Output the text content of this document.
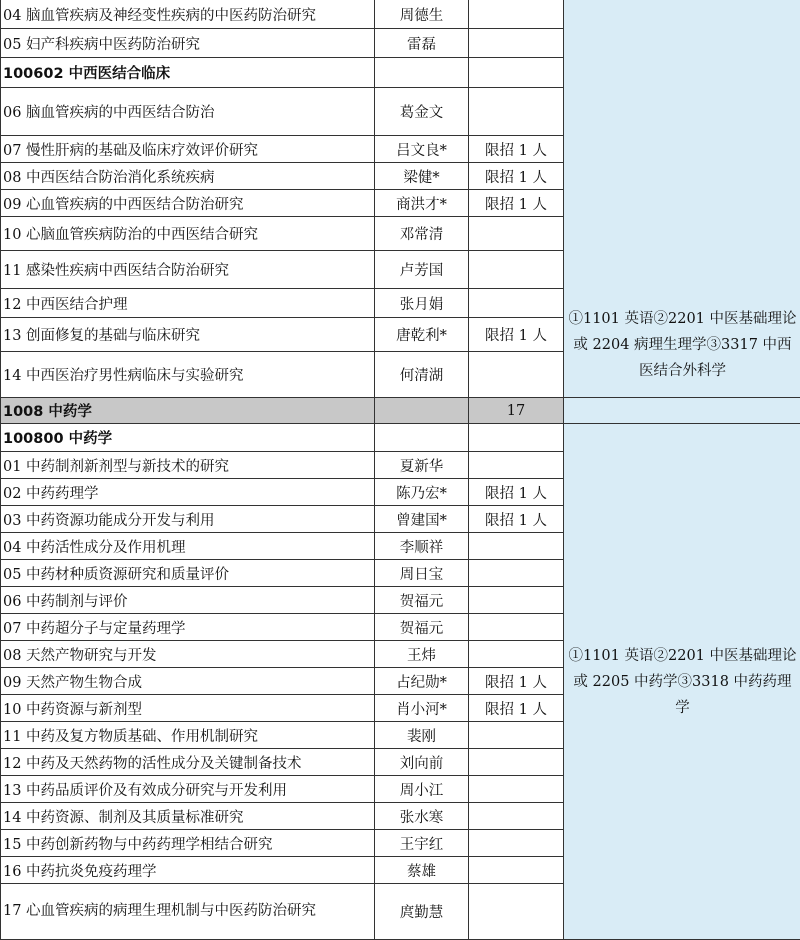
04 脑血管疾病及神经变性疾病的中医药防治研究	周德生		①1101 英语②2201 中医基础理论或 2204 病理生理学③3317 中西医结合外科学

05 妇产科疾病中医药防治研究	雷磊		
100602 中西医结合临床			
06 脑血管疾病的中西医结合防治	葛金文		
07 慢性肝病的基础及临床疗效评价研究	吕文良*	限招 1 人	
08 中西医结合防治消化系统疾病	梁健*	限招 1 人	
09 心血管疾病的中西医结合防治研究	商洪才*	限招 1 人	
10 心脑血管疾病防治的中西医结合研究	邓常清		
11 感染性疾病中西医结合防治研究	卢芳国		
12 中西医结合护理	张月娟		
13 创面修复的基础与临床研究	唐乾利*	限招 1 人	
14 中西医治疗男性病临床与实验研究	何清湖		
1008 中药学		17	
100800 中药学			①1101 英语②2201 中医基础理论或 2205 中药学③3318 中药药理学

01 中药制剂新剂型与新技术的研究	夏新华		
02 中药药理学	陈乃宏*	限招 1 人	
03 中药资源功能成分开发与利用	曾建国*	限招 1 人	
04 中药活性成分及作用机理	李顺祥		
05 中药材种质资源研究和质量评价	周日宝		
06 中药制剂与评价	贺福元		
07 中药超分子与定量药理学	贺福元		
08 天然产物研究与开发	王炜		
09 天然产物生物合成	占纪勋*	限招 1 人	
10 中药资源与新剂型	肖小河*	限招 1 人	
11 中药及复方物质基础、作用机制研究	裴刚		
12 中药及天然药物的活性成分及关键制备技术	刘向前		
13 中药品质评价及有效成分研究与开发利用	周小江		
14 中药资源、制剂及其质量标准研究	张水寒		
15 中药创新药物与中药药理学相结合研究	王宇红		
16 中药抗炎免疫药理学	蔡雄		
17 心血管疾病的病理生理机制与中医药防治研究	庹勤慧		
